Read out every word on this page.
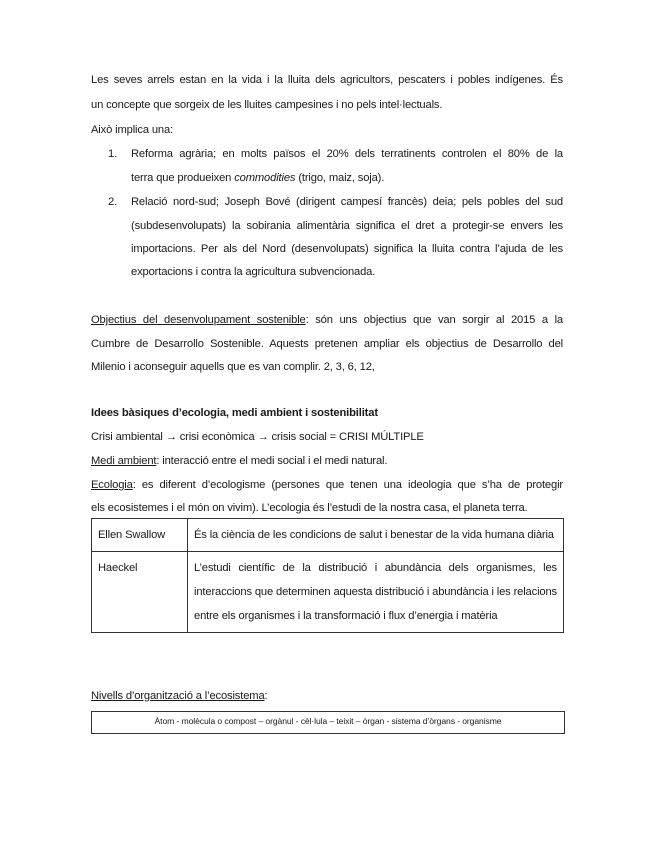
Les seves arrels estan en la vida i la lluita dels agricultors, pescaters i pobles indígenes. És
un concepte que sorgeix de les lluites campesines i no pels intel·lectuals.
Això implica una:
1. Reforma agrària; en molts països el 20% dels terratinents controlen el 80% de la
terra que produeixen commodities (trigo, maiz, soja).
2. Relació nord-sud; Joseph Bové (dirigent campesí francès) deia; pels pobles del sud
(subdesenvolupats) la sobirania alimentària significa el dret a protegir-se envers les
importacions. Per als del Nord (desenvolupats) significa la lluita contra l’ajuda de les
exportacions i contra la agricultura subvencionada.
Objectius del desenvolupament sostenible: són uns objectius que van sorgir al 2015 a la
Cumbre de Desarrollo Sostenible. Aquests pretenen ampliar els objectius de Desarrollo del
Milenio i aconseguir aquells que es van complir. 2, 3, 6, 12,
Idees bàsiques d’ecologia, medi ambient i sostenibilitat
Crisi ambiental → crisi econòmica → crisis social = CRISI MÚLTIPLE
Medi ambient: interacció entre el medi social i el medi natural.
Ecologia: es diferent d’ecologisme (persones que tenen una ideologia que s’ha de protegir
els ecosistemes i el món on vivim). L’ecologia és l’estudi de la nostra casa, el planeta terra.
Ellen Swallow	És la ciència de les condicions de salut i benestar de la vida humana diària
Haeckel	L’estudi científic de la distribució i abundància dels organismes, les interaccions que determinen aquesta distribució i abundància i les relacions entre els organismes i la transformació i flux d’energia i matèria
Nivells d’organització a l’ecosistema:
Àtom - molècula o compost – orgànul - cèl·lula – teixit – òrgan - sistema d’òrgans - organisme
